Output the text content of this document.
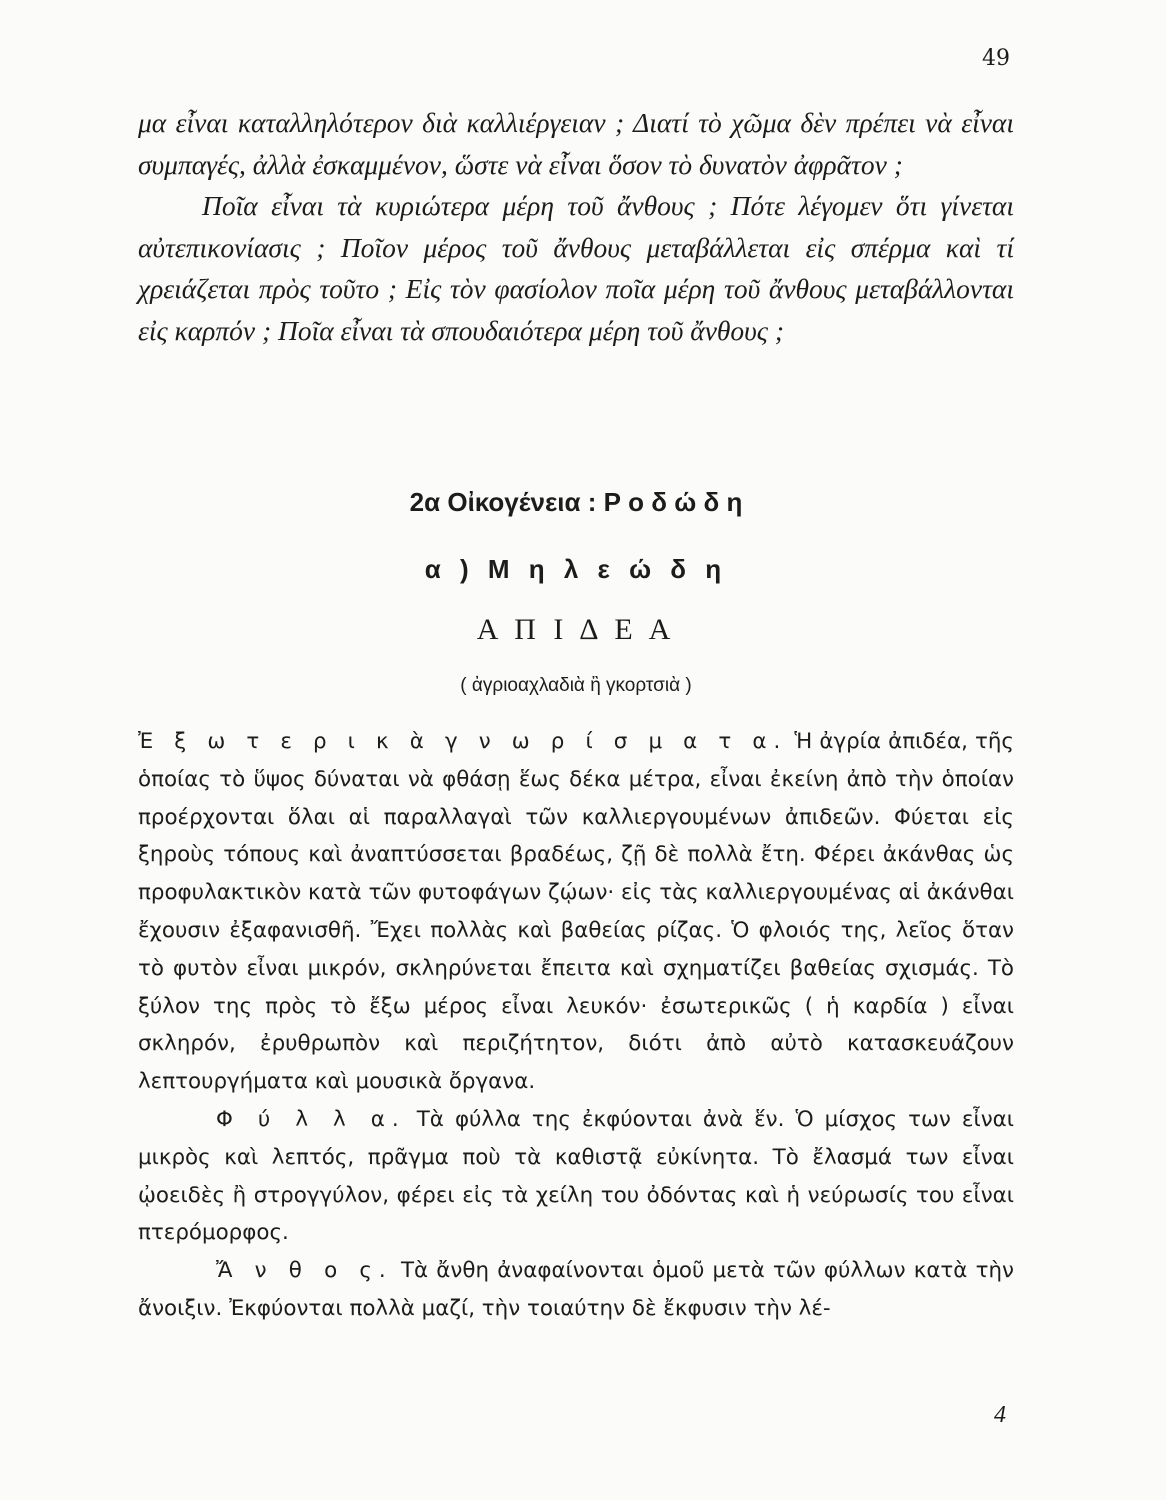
49

μα εἶναι καταλληλότερον διὰ καλλιέργειαν ; Διατί τὸ χῶμα δὲν πρέπει νὰ εἶναι συμπαγές, ἀλλὰ ἐσκαμμένον, ὥστε νὰ εἶναι ὅσον τὸ δυνατὸν ἀφρᾶτον ;

Ποῖα εἶναι τὰ κυριώτερα μέρη τοῦ ἄνθους ; Πότε λέγομεν ὅτι γίνεται αὐτεπικονίασις ; Ποῖον μέρος τοῦ ἄνθους μεταβάλλεται εἰς σπέρμα καὶ τί χρειάζεται πρὸς τοῦτο ; Εἰς τὸν φασίολον ποῖα μέρη τοῦ ἄνθους μεταβάλλονται εἰς καρπόν ; Ποῖα εἶναι τὰ σπουδαιότερα μέρη τοῦ ἄνθους ;

2α Οἰκογένεια : Ρ ο δ ώ δ η

α ) Μ η λ ε ώ δ η

Α Π Ι Δ Ε Α

( ἀγριοαχλαδιὰ ἢ γκορτσιὰ )

Ἐ ξ ω τ ε ρ ι κ ὰ γ ν ω ρ ί σ μ α τ α. Ἡ ἀγρία ἀπιδέα, τῆς ὁποίας τὸ ὕψος δύναται νὰ φθάσῃ ἕως δέκα μέτρα, εἶναι ἐκείνη ἀπὸ τὴν ὁποίαν προέρχονται ὅλαι αἱ παραλλαγαὶ τῶν καλλιεργουμένων ἀπιδεῶν. Φύεται εἰς ξηροὺς τόπους καὶ ἀναπτύσσεται βραδέως, ζῇ δὲ πολλὰ ἔτη. Φέρει ἀκάνθας ὡς προφυλακτικὸν κατὰ τῶν φυτοφάγων ζῴων· εἰς τὰς καλλιεργουμένας αἱ ἀκάνθαι ἔχουσιν ἐξαφανισθῆ. Ἔχει πολλὰς καὶ βαθείας ρίζας. Ὁ φλοιός της, λεῖος ὅταν τὸ φυτὸν εἶναι μικρόν, σκληρύνεται ἔπειτα καὶ σχηματίζει βαθείας σχισμάς. Τὸ ξύλον της πρὸς τὸ ἔξω μέρος εἶναι λευκόν· ἐσωτερικῶς ( ἡ καρδία ) εἶναι σκληρόν, ἐρυθρωπὸν καὶ περιζήτητον, διότι ἀπὸ αὐτὸ κατασκευάζουν λεπτουργήματα καὶ μουσικὰ ὄργανα.

Φ ύ λ λ α. Τὰ φύλλα της ἐκφύονται ἀνὰ ἕν. Ὁ μίσχος των εἶναι μικρὸς καὶ λεπτός, πρᾶγμα ποὺ τὰ καθιστᾷ εὐκίνητα. Τὸ ἔλασμά των εἶναι ᾠοειδὲς ἢ στρογγύλον, φέρει εἰς τὰ χείλη του ὀδόντας καὶ ἡ νεύρωσίς του εἶναι πτερόμορφος.

Ἄ ν θ ο ς. Τὰ ἄνθη ἀναφαίνονται ὁμοῦ μετὰ τῶν φύλλων κατὰ τὴν ἄνοιξιν. Ἐκφύονται πολλὰ μαζί, τὴν τοιαύτην δὲ ἔκφυσιν τὴν λέ-

4
